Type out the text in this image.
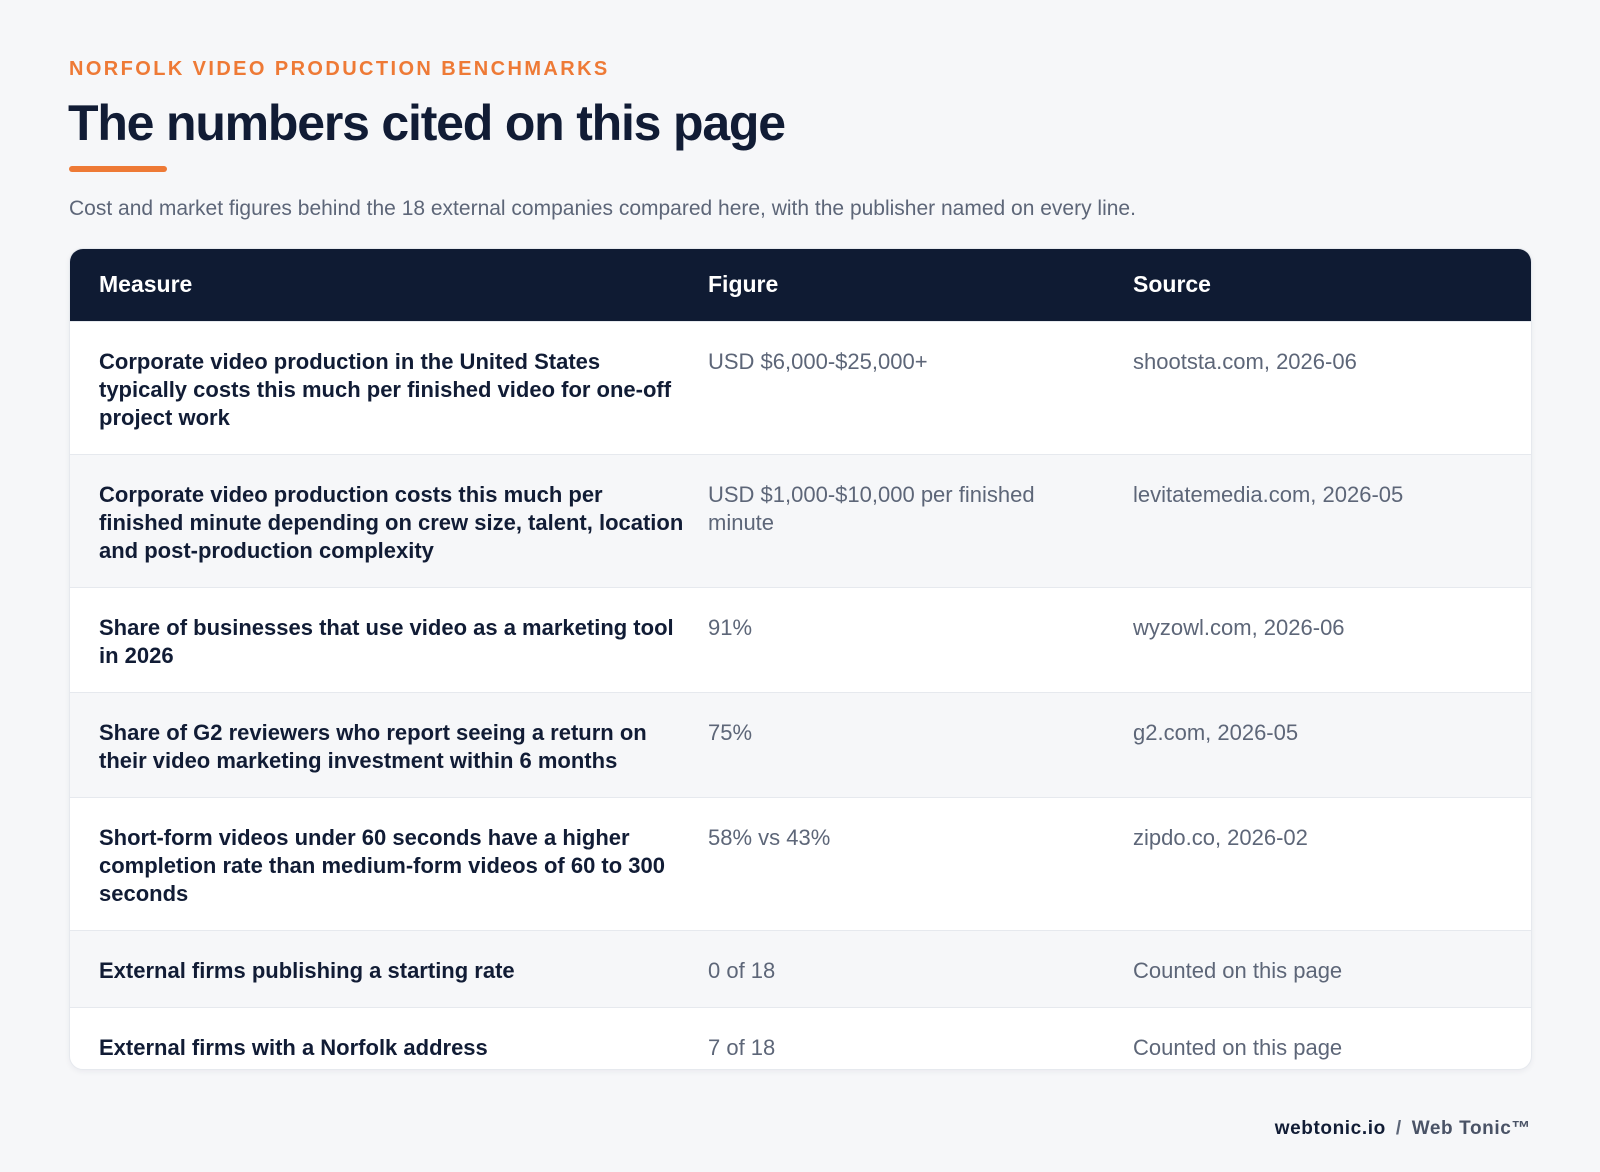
NORFOLK VIDEO PRODUCTION BENCHMARKS

The numbers cited on this page

Cost and market figures behind the 18 external companies compared here, with the publisher named on every line.

Measure	Figure	Source
Corporate video production in the United States typically costs this much per finished video for one-off project work	USD $6,000-$25,000+	shootsta.com, 2026-06
Corporate video production costs this much per finished minute depending on crew size, talent, location and post-production complexity	USD $1,000-$10,000 per finished minute	levitatemedia.com, 2026-05
Share of businesses that use video as a marketing tool in 2026	91%	wyzowl.com, 2026-06
Share of G2 reviewers who report seeing a return on their video marketing investment within 6 months	75%	g2.com, 2026-05
Short-form videos under 60 seconds have a higher completion rate than medium-form videos of 60 to 300 seconds	58% vs 43%	zipdo.co, 2026-02
External firms publishing a starting rate	0 of 18	Counted on this page
External firms with a Norfolk address	7 of 18	Counted on this page

webtonic.io / Web Tonic™
